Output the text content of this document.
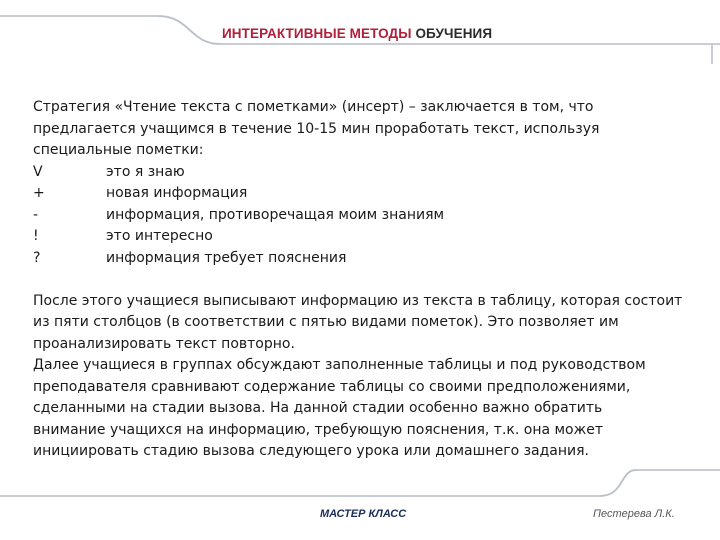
ИНТЕРАКТИВНЫЕ МЕТОДЫ ОБУЧЕНИЯ
Стратегия «Чтение текста с пометками» (инсерт) – заключается в том, что
предлагается учащимся в течение 10-15 мин проработать текст, используя
специальные пометки:
V	это я знаю
+	новая информация
-	информация, противоречащая моим знаниям
!	это интересно
?	информация требует пояснения
После этого учащиеся выписывают информацию из текста в таблицу, которая состоит
из пяти столбцов (в соответствии с пятью видами пометок). Это позволяет им
проанализировать текст повторно.
Далее учащиеся в группах обсуждают заполненные таблицы и под руководством
преподавателя сравнивают содержание таблицы со своими предположениями,
сделанными на стадии вызова. На данной стадии особенно важно обратить
внимание учащихся на информацию, требующую пояснения, т.к. она может
инициировать стадию вызова следующего урока или домашнего задания.
МАСТЕР КЛАСС	Пестерева Л.К.
